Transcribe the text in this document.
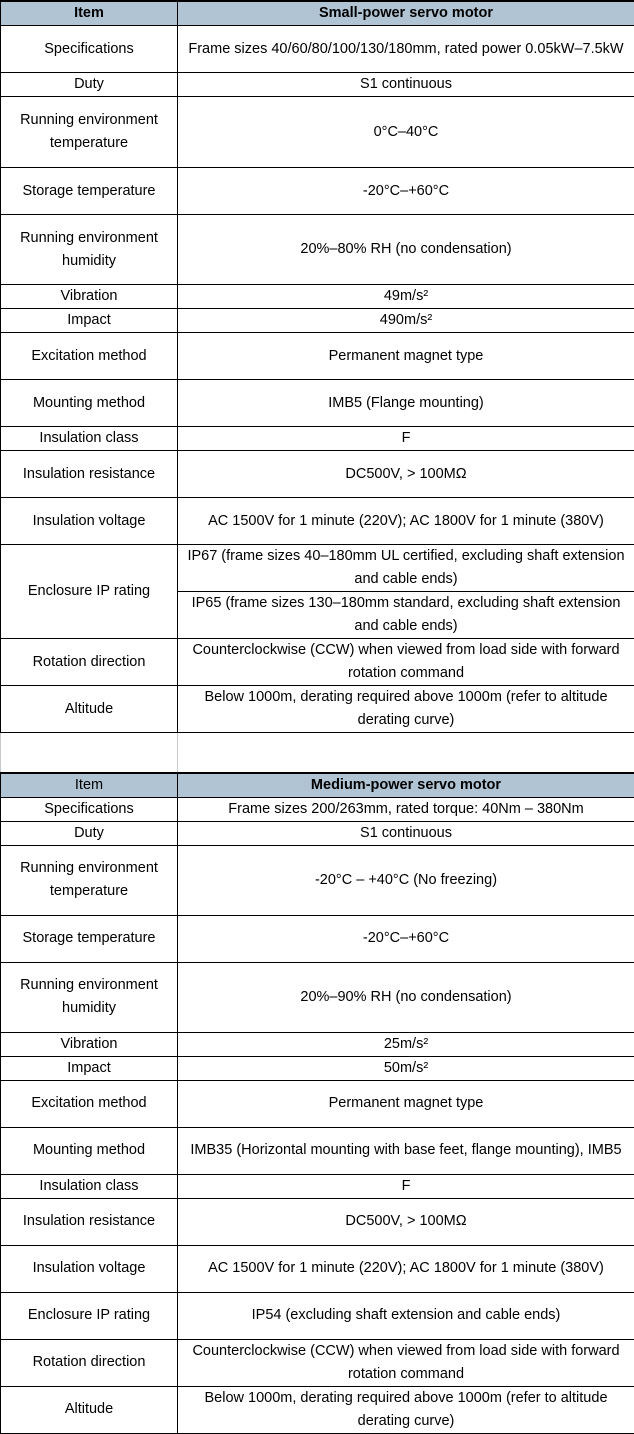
Item	Small-power servo motor
Specifications	Frame sizes 40/60/80/100/130/180mm, rated power 0.05kW–7.5kW
Duty	S1 continuous
Running environment temperature	0°C–40°C
Storage temperature	-20°C–+60°C
Running environment humidity	20%–80% RH (no condensation)
Vibration	49m/s²
Impact	490m/s²
Excitation method	Permanent magnet type
Mounting method	IMB5 (Flange mounting)
Insulation class	F
Insulation resistance	DC500V, > 100MΩ
Insulation voltage	AC 1500V for 1 minute (220V); AC 1800V for 1 minute (380V)
Enclosure IP rating	IP67 (frame sizes 40–180mm UL certified, excluding shaft extension and cable ends)
	IP65 (frame sizes 130–180mm standard, excluding shaft extension and cable ends)
Rotation direction	Counterclockwise (CCW) when viewed from load side with forward rotation command
Altitude	Below 1000m, derating required above 1000m (refer to altitude derating curve)

Item	Medium-power servo motor
Specifications	Frame sizes 200/263mm, rated torque: 40Nm – 380Nm
Duty	S1 continuous
Running environment temperature	-20°C – +40°C (No freezing)
Storage temperature	-20°C–+60°C
Running environment humidity	20%–90% RH (no condensation)
Vibration	25m/s²
Impact	50m/s²
Excitation method	Permanent magnet type
Mounting method	IMB35 (Horizontal mounting with base feet, flange mounting), IMB5
Insulation class	F
Insulation resistance	DC500V, > 100MΩ
Insulation voltage	AC 1500V for 1 minute (220V); AC 1800V for 1 minute (380V)
Enclosure IP rating	IP54 (excluding shaft extension and cable ends)
Rotation direction	Counterclockwise (CCW) when viewed from load side with forward rotation command
Altitude	Below 1000m, derating required above 1000m (refer to altitude derating curve)
